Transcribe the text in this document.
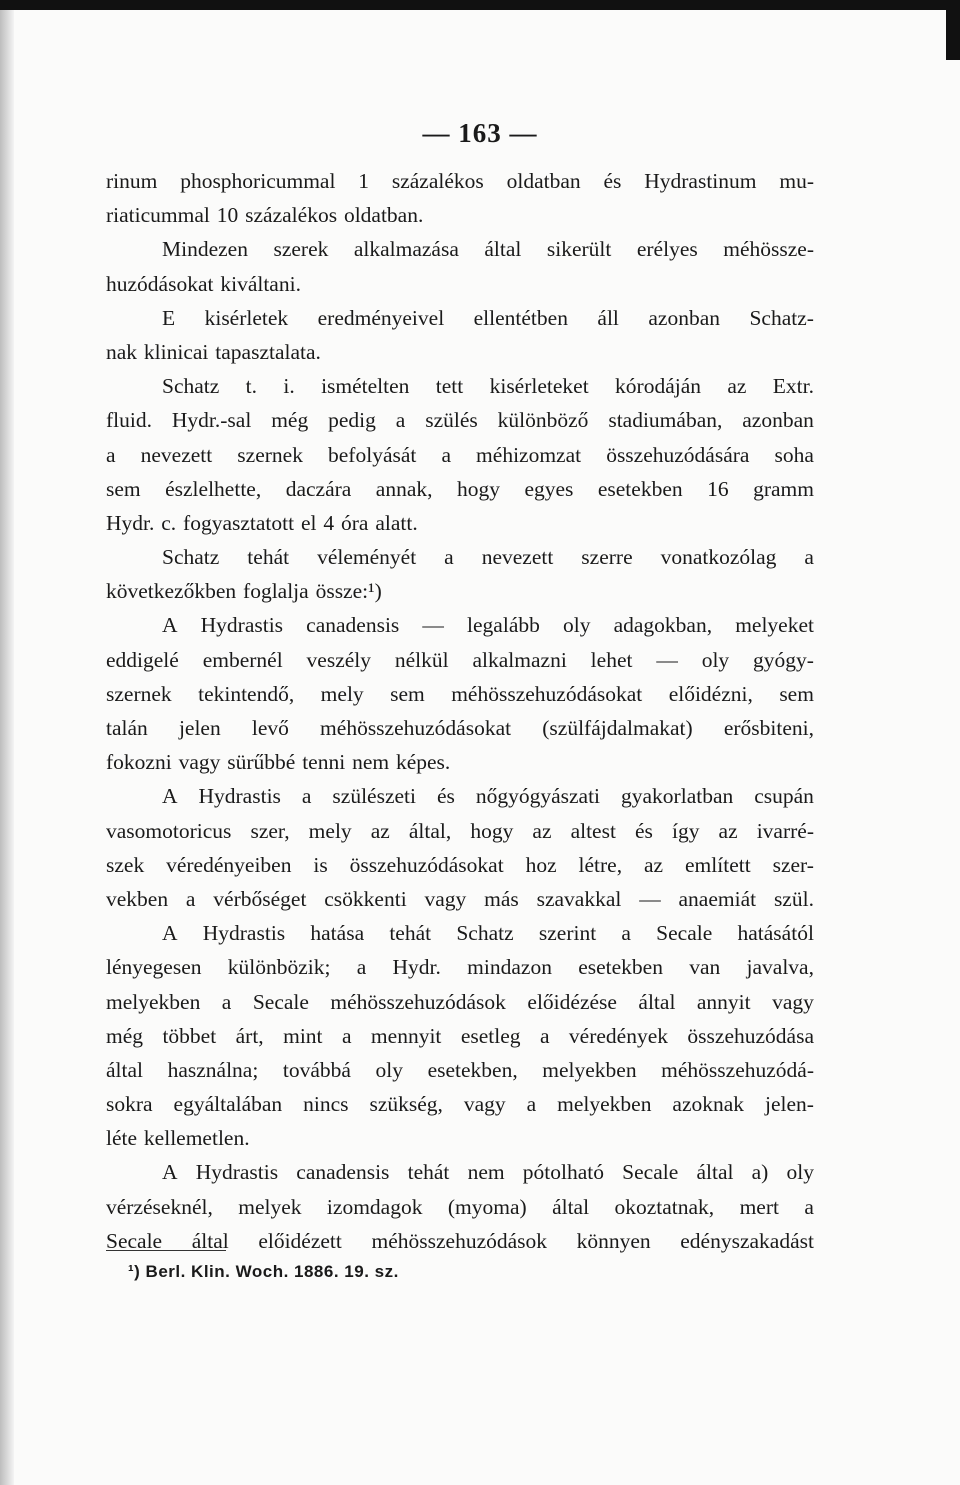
— 163 —
rinum phosphoricummal 1 százalékos oldatban és Hydrastinum mu-
riaticummal 10 százalékos oldatban.
Mindezen szerek alkalmazása által sikerült erélyes méhössze-
huzódásokat kiváltani.
E kisérletek eredményeivel ellentétben áll azonban Schatz-
nak klinicai tapasztalata.
Schatz t. i. ismételten tett kisérleteket kórodáján az Extr.
fluid. Hydr.-sal még pedig a szülés különböző stadiumában, azonban
a nevezett szernek befolyását a méhizomzat összehuzódására soha
sem észlelhette, daczára annak, hogy egyes esetekben 16 gramm
Hydr. c. fogyasztatott el 4 óra alatt.
Schatz tehát véleményét a nevezett szerre vonatkozólag a
következőkben foglalja össze:¹)
A Hydrastis canadensis — legalább oly adagokban, melyeket
eddigelé embernél veszély nélkül alkalmazni lehet — oly gyógy-
szernek tekintendő, mely sem méhösszehuzódásokat előidézni, sem
talán jelen levő méhösszehuzódásokat (szülfájdalmakat) erősbiteni,
fokozni vagy sürűbbé tenni nem képes.
A Hydrastis a szülészeti és nőgyógyászati gyakorlatban csupán
vasomotoricus szer, mely az által, hogy az altest és így az ivarré-
szek véredényeiben is összehuzódásokat hoz létre, az említett szer-
vekben a vérbőséget csökkenti vagy más szavakkal — anaemiát szül.
A Hydrastis hatása tehát Schatz szerint a Secale hatásától
lényegesen különbözik; a Hydr. mindazon esetekben van javalva,
melyekben a Secale méhösszehuzódások előidézése által annyit vagy
még többet árt, mint a mennyit esetleg a véredények összehuzódása
által használna; továbbá oly esetekben, melyekben méhösszehuzódá-
sokra egyáltalában nincs szükség, vagy a melyekben azoknak jelen-
léte kellemetlen.
A Hydrastis canadensis tehát nem pótolható Secale által a) oly
vérzéseknél, melyek izomdagok (myoma) által okoztatnak, mert a
Secale által előidézett méhösszehuzódások könnyen edényszakadást
¹) Berl. Klin. Woch. 1886. 19. sz.
